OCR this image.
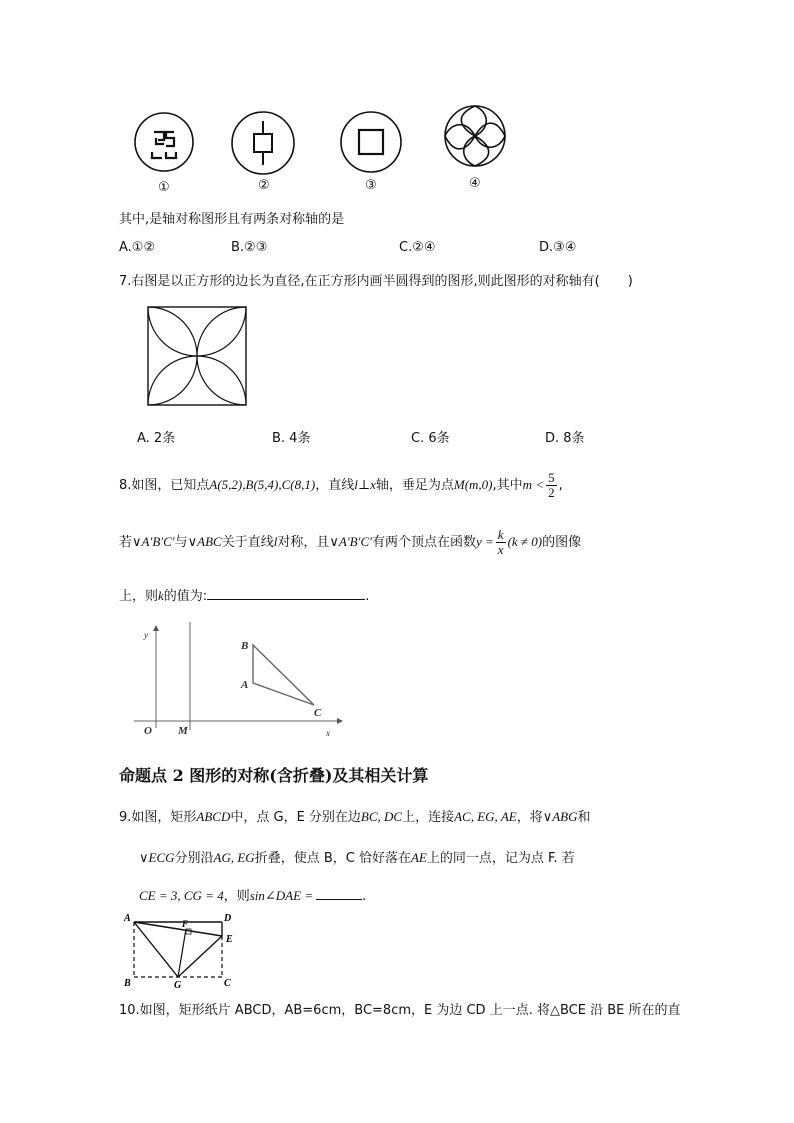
①	②	③	④
其中,是轴对称图形且有两条对称轴的是
A.①②	B.②③	C.②④	D.③④
7.右图是以正方形的边长为直径,在正方形内画半圆得到的图形,则此图形的对称轴有( )
A. 2条	B. 4条	C. 6条	D. 8条
8.如图，已知点A(5,2),B(5,4),C(8,1)，直线l⊥x轴，垂足为点M(m,0),其中$m < \frac{5}{2}$ ,
若∨A′B′C′与∨ABC关于直线l对称，且∨A′B′C′有两个顶点在函数$y = \frac{k}{x} (k \ne 0)$的图像
上，则k的值为:	.
y
x
O M
A
B
C
命题点 2 图形的对称(含折叠)及其相关计算
9.如图，矩形ABCD中，点 G，E 分别在边BC, DC上，连接AC, EG, AE，将∨ABG和
∨ECG分别沿AG, EG折叠，使点 B，C 恰好落在AE上的同一点，记为点 F. 若
CE = 3, CG = 4，则sin∠DAE =	.
A	D
F
E
B	G	C
10.如图，矩形纸片 ABCD，AB=6cm，BC=8cm，E 为边 CD 上一点. 将△BCE 沿 BE 所在的直
